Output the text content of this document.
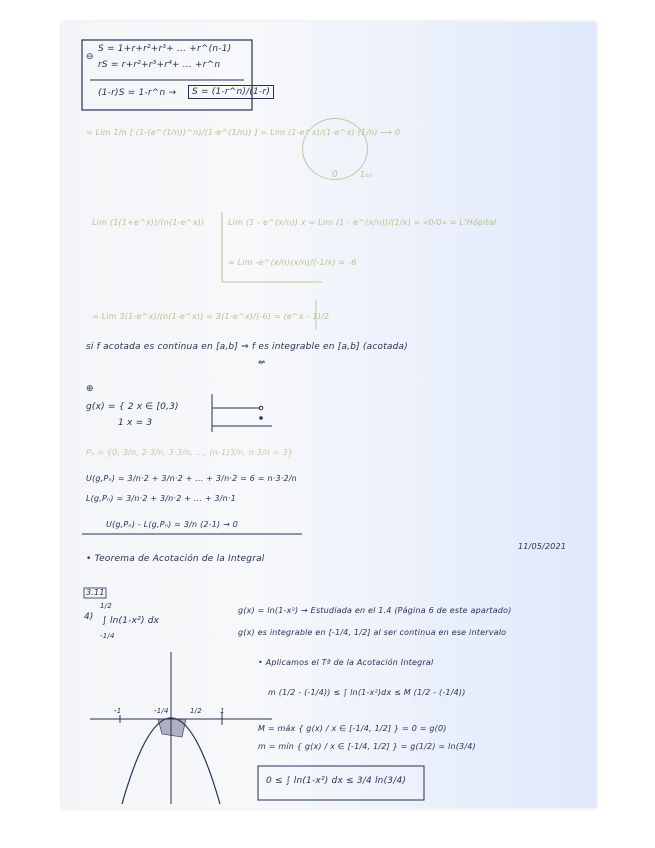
⊖
S = 1+r+r²+r³+ ... +r^(n-1)
rS = r+r²+r³+r⁴+ ... +r^n
(1-r)S = 1-r^n →	S = (1-r^n)/(1-r)
= Lim 1/n [ (1-(e^(1/n))^n)/(1-e^(1/n)) ] = Lim (1-e^x)/(1-e^x) (1/n) ⟶ 0
0	1₀₀
Lim (1(1+e^x))/(n(1-e^x))	Lim (1 - e^(x/n)) x = Lim (1 - e^(x/n))/(1/x) = «0/0» = L'Hôpital
= Lim -e^(x/n)(x/n)/(-1/x) = -6
= Lim 3(1-e^x)/(n(1-e^x)) = 3(1-e^x)/(-6) = (e^x - 1)/2
si f acotada es continua en [a,b] ⇒ f es integrable en [a,b] (acotada)
⇍
⊕
g(x) = { 2 x ∈ [0,3)
1 x = 3
Pₙ = {0, 3/n, 2·3/n, 3·3/n, ..., (n-1)3/n, n·3/n = 3}
U(g,Pₙ) = 3/n·2 + 3/n·2 + ... + 3/n·2 = 6 = n·3·2/n
L(g,Pₙ) = 3/n·2 + 3/n·2 + ... + 3/n·1
U(g,Pₙ) - L(g,Pₙ) = 3/n (2-1) → 0
11/05/2021
• Teorema de Acotación de la Integral
3.11
4)
1/2
-1/4
∫ ln(1-x²) dx
-1	-1/4	1/2	1
g(x) = ln(1-x²) → Estudiada en el 1.4 (Página 6 de este apartado)
g(x) es integrable en [-1/4, 1/2] al ser continua en ese intervalo
• Aplicamos el Tª de la Acotación Integral
m (1/2 - (-1/4)) ≤ ∫ ln(1-x²)dx ≤ M (1/2 - (-1/4))
M = máx { g(x) / x ∈ [-1/4, 1/2] } = 0 = g(0)
m = mín { g(x) / x ∈ [-1/4, 1/2] } = g(1/2) = ln(3/4)
0 ≤ ∫ ln(1-x²) dx ≤ 3/4 ln(3/4)
